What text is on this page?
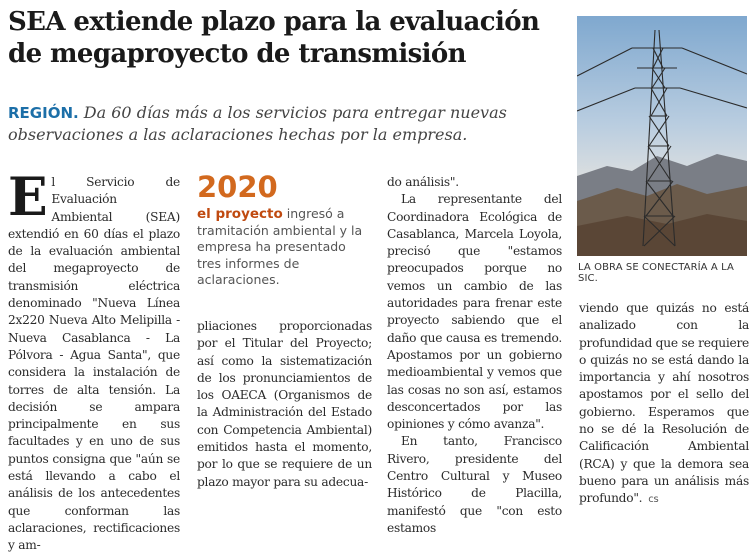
SEA extiende plazo para la evaluación de megaproyecto de transmisión

REGIÓN. Da 60 días más a los servicios para entregar nuevas observaciones a las aclaraciones hechas por la empresa.

E l Servicio de Evaluación Ambiental (SEA) extendió en 60 días el plazo de la evaluación ambiental del megaproyecto de transmisión eléctrica denominado "Nueva Línea 2x220 Nueva Alto Melipilla - Nueva Casablanca - La Pólvora - Agua Santa", que considera la instalación de torres de alta tensión. La decisión se ampara principalmente en sus facultades y en uno de sus puntos consigna que "aún se está llevando a cabo el análisis de los antecedentes que conforman las aclaraciones, rectificaciones y am-

2020
el proyecto ingresó a tramitación ambiental y la empresa ha presentado tres informes de aclaraciones.

pliaciones proporcionadas por el Titular del Proyecto; así como la sistematización de los pronunciamientos de los OAECA (Organismos de la Administración del Estado con Competencia Ambiental) emitidos hasta el momento, por lo que se requiere de un plazo mayor para su adecua-

do análisis".

La representante del Coordinadora Ecológica de Casablanca, Marcela Loyola, precisó que "estamos preocupados porque no vemos un cambio de las autoridades para frenar este proyecto sabiendo que el daño que causa es tremendo. Apostamos por un gobierno medioambiental y vemos que las cosas no son así, estamos desconcertados por las opiniones y cómo avanza".

En tanto, Francisco Rivero, presidente del Centro Cultural y Museo Histórico de Placilla, manifestó que "con esto estamos

viendo que quizás no está analizado con la profundidad que se requiere o quizás no se está dando la importancia y ahí nosotros apostamos por el sello del gobierno. Esperamos que no se dé la Resolución de Calificación Ambiental (RCA) y que la demora sea bueno para un análisis más profundo". cs

LA OBRA SE CONECTARÍA A LA SIC.
